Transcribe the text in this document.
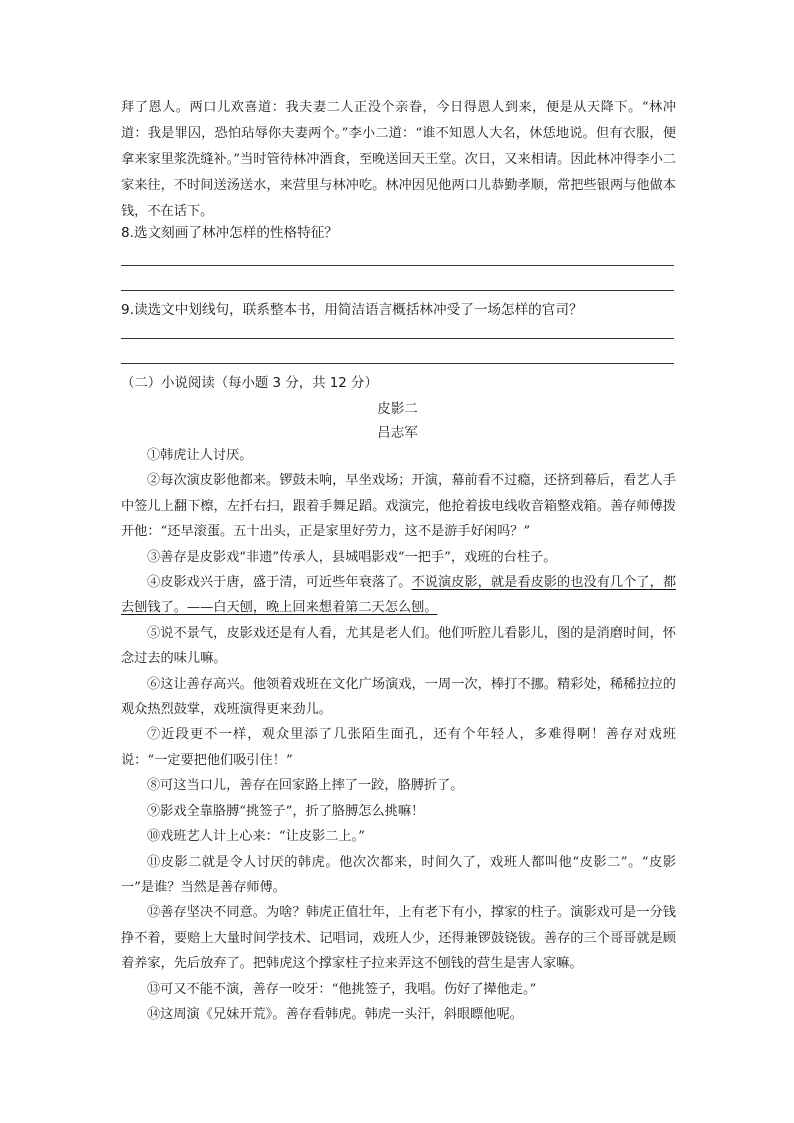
拜了恩人。两口儿欢喜道：我夫妻二人正没个亲眷，今日得恩人到来，便是从天降下。“林冲道：我是罪囚，恐怕玷辱你夫妻两个。”李小二道：“谁不知恩人大名，休恁地说。但有衣服，便拿来家里浆洗缝补。”当时管待林冲酒食，至晚送回天王堂。次日，又来相请。因此林冲得李小二家来往，不时间送汤送水，来营里与林冲吃。林冲因见他两口儿恭勤孝顺，常把些银两与他做本钱，不在话下。

8.选文刻画了林冲怎样的性格特征？
9.读选文中划线句，联系整本书，用简洁语言概括林冲受了一场怎样的官司？
（二）小说阅读（每小题 3 分，共 12 分）
皮影二
吕志军

①韩虎让人讨厌。

②每次演皮影他都来。锣鼓未响，早坐戏场；开演，幕前看不过瘾，还挤到幕后，看艺人手中签儿上翻下檫，左扦右扫，跟着手舞足蹈。戏演完，他抢着拔电线收音箱整戏箱。善存师傅拨开他：“还早滚蛋。五十出头，正是家里好劳力，这不是游手好闲吗？”

③善存是皮影戏“非遗”传承人，县城唱影戏“一把手”，戏班的台柱子。

④皮影戏兴于唐，盛于清，可近些年衰落了。不说演皮影，就是看皮影的也没有几个了，都去刨钱了。——白天刨，晚上回来想着第二天怎么刨。

⑤说不景气，皮影戏还是有人看，尤其是老人们。他们听腔儿看影儿，图的是消磨时间，怀念过去的味儿嘛。

⑥这让善存高兴。他领着戏班在文化广场演戏，一周一次，棒打不挪。精彩处，稀稀拉拉的观众热烈鼓掌，戏班演得更来劲儿。

⑦近段更不一样，观众里添了几张陌生面孔，还有个年轻人，多难得啊！善存对戏班说：“一定要把他们吸引住！”

⑧可这当口儿，善存在回家路上摔了一跤，胳膊折了。

⑨影戏全靠胳膊“挑签子”，折了胳膊怎么挑嘛！

⑩戏班艺人计上心来：“让皮影二上。”

⑪皮影二就是令人讨厌的韩虎。他次次都来，时间久了，戏班人都叫他“皮影二”。“皮影一”是谁？当然是善存师傅。

⑫善存坚决不同意。为啥？韩虎正值壮年，上有老下有小，撑家的柱子。演影戏可是一分钱挣不着，要赔上大量时间学技术、记唱词，戏班人少，还得兼锣鼓铙钹。善存的三个哥哥就是顾着养家，先后放弃了。把韩虎这个撑家柱子拉来弄这不刨钱的营生是害人家嘛。

⑬可又不能不演，善存一咬牙：“他挑签子，我唱。伤好了撵他走。”

⑭这周演《兄妹开荒》。善存看韩虎。韩虎一头汗，斜眼瞟他呢。
